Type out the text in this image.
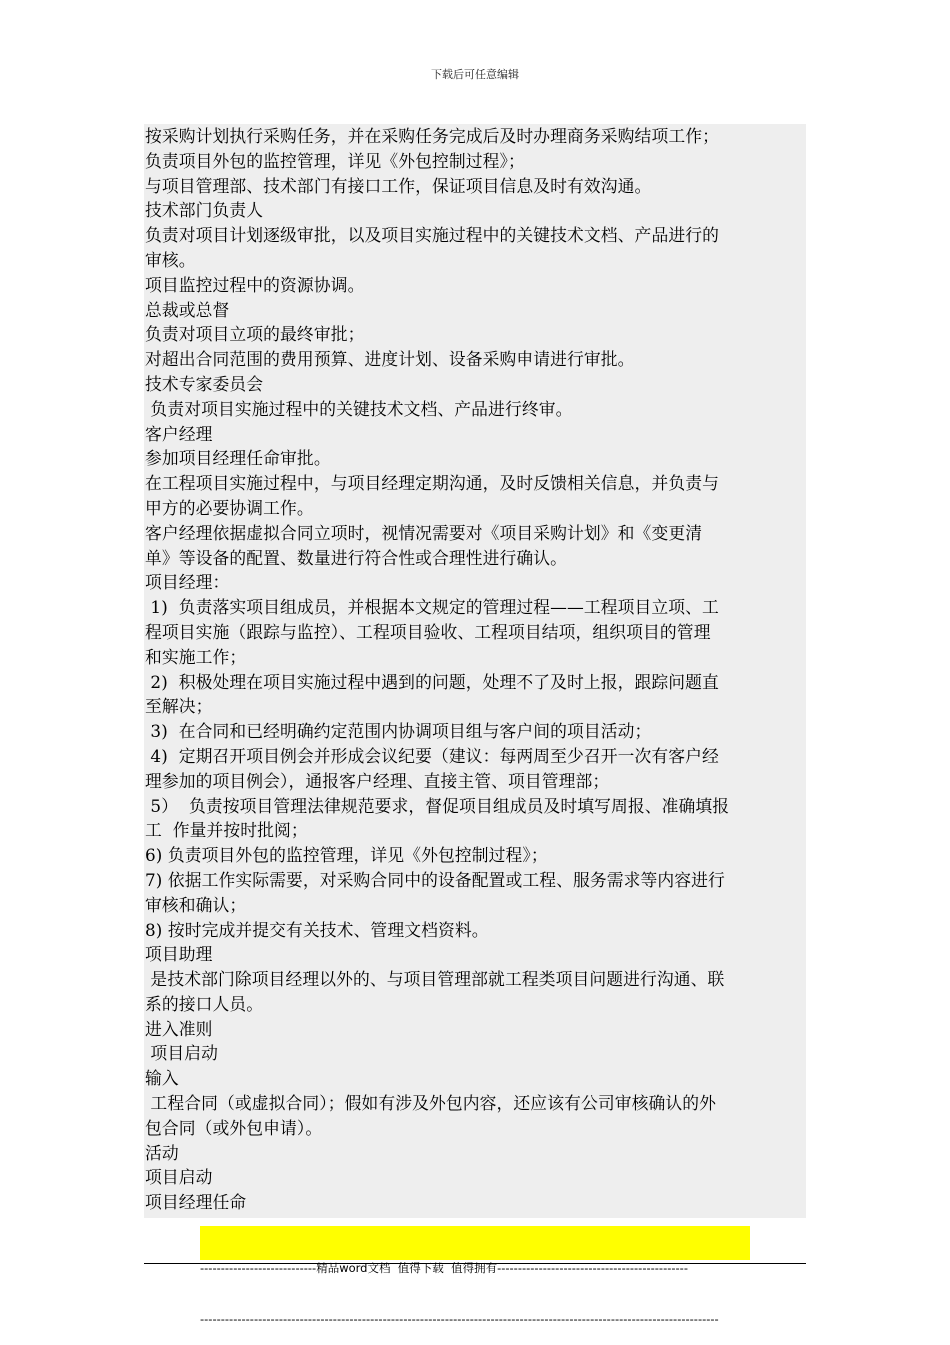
下载后可任意编辑
按采购计划执行采购任务，并在采购任务完成后及时办理商务采购结项工作；
负责项目外包的监控管理，详见《外包控制过程》；
与项目管理部、技术部门有接口工作，保证项目信息及时有效沟通。
技术部门负责人
负责对项目计划逐级审批，以及项目实施过程中的关键技术文档、产品进行的
审核。
项目监控过程中的资源协调。
总裁或总督
负责对项目立项的最终审批；
对超出合同范围的费用预算、进度计划、设备采购申请进行审批。
技术专家委员会
负责对项目实施过程中的关键技术文档、产品进行终审。
客户经理
参加项目经理任命审批。
在工程项目实施过程中，与项目经理定期沟通，及时反馈相关信息，并负责与
甲方的必要协调工作。
客户经理依据虚拟合同立项时，视情况需要对《项目采购计划》和《变更清
单》等设备的配置、数量进行符合性或合理性进行确认。
项目经理：
1)  负责落实项目组成员，并根据本文规定的管理过程——工程项目立项、工
程项目实施（跟踪与监控）、工程项目验收、工程项目结项，组织项目的管理
和实施工作；
2)  积极处理在项目实施过程中遇到的问题，处理不了及时上报，跟踪问题直
至解决；
3)  在合同和已经明确约定范围内协调项目组与客户间的项目活动；
4)  定期召开项目例会并形成会议纪要（建议：每两周至少召开一次有客户经
理参加的项目例会），通报客户经理、直接主管、项目管理部；
5）  负责按项目管理法律规范要求，督促项目组成员及时填写周报、准确填报
工  作量并按时批阅；
6) 负责项目外包的监控管理，详见《外包控制过程》；
7) 依据工作实际需要，对采购合同中的设备配置或工程、服务需求等内容进行
审核和确认；
8) 按时完成并提交有关技术、管理文档资料。
项目助理
是技术部门除项目经理以外的、与项目管理部就工程类项目问题进行沟通、联
系的接口人员。
进入准则
项目启动
输入
工程合同（或虚拟合同）；假如有涉及外包内容，还应该有公司审核确认的外
包合同（或外包申请）。
活动
项目启动
项目经理任命

----------------------------精品word文档  值得下载  值得拥有----------------------------------------------

-----------------------------------------------------------------------------------------------------------------------------
